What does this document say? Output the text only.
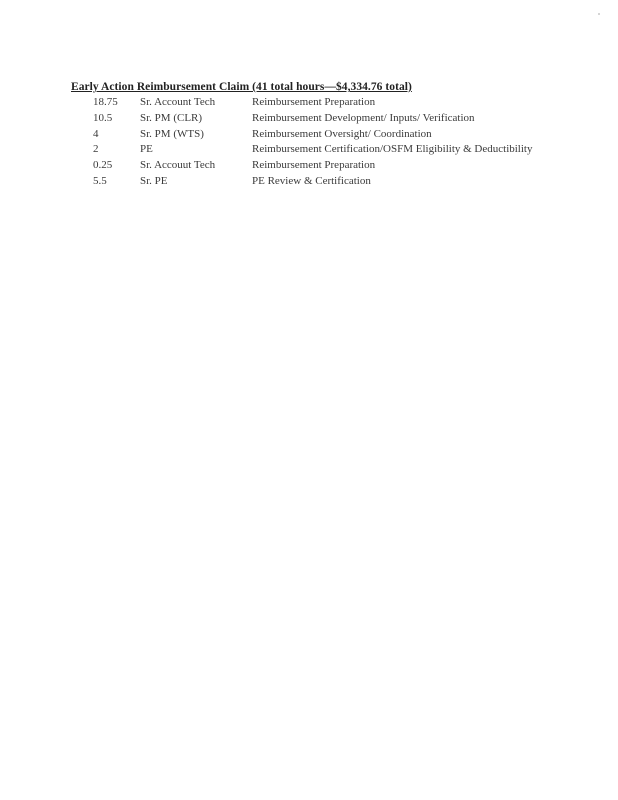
Early Action Reimbursement Claim (41 total hours—$4,334.76 total)
18.75 Sr. Account Tech	Reimbursement Preparation
10.5	Sr. PM (CLR)	Reimbursement Development/ Inputs/ Verification
4	Sr. PM (WTS)	Reimbursement Oversight/ Coordination
2	PE	Reimbursement Certification/OSFM Eligibility & Deductibility
0.25	Sr. Accouut Tech	Reimbursement Preparation
5.5	Sr. PE	PE Review & Certification
